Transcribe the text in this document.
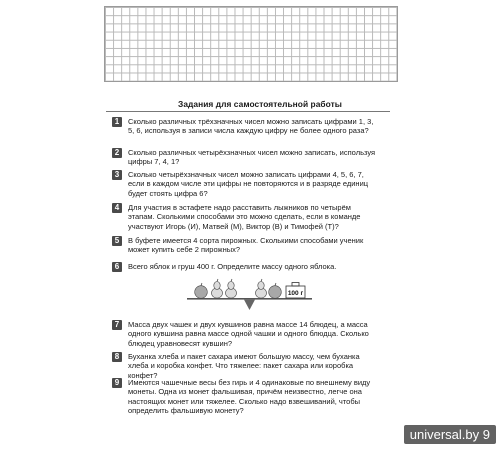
Задания для самостоятельной работы
1	Сколько различных трёхзначных чисел можно записать цифрами 1, 3, 5, 6, используя в записи числа каждую цифру не более одного раза?
2	Сколько различных четырёхзначных чисел можно записать, используя цифры 7, 4, 1?
3	Сколько четырёхзначных чисел можно записать цифрами 4, 5, 6, 7, если в каждом числе эти цифры не повторяются и в разряде единиц будет стоять цифра 6?
4	Для участия в эстафете надо расставить лыжников по четырём этапам. Сколькими способами это можно сделать, если в команде участвуют Игорь (И), Матвей (М), Виктор (В) и Тимофей (Т)?
5	В буфете имеется 4 сорта пирожных. Сколькими способами ученик может купить себе 2 пирожных?
6	Всего яблок и груш 400 г. Определите массу одного яблока.
100 г
7	Масса двух чашек и двух кувшинов равна массе 14 блюдец, а масса одного кувшина равна массе одной чашки и одного блюдца. Сколько блюдец уравновесят кувшин?
8	Буханка хлеба и пакет сахара имеют большую массу, чем буханка хлеба и коробка конфет. Что тяжелее: пакет сахара или коробка конфет?
9	Имеются чашечные весы без гирь и 4 одинаковые по внешнему виду монеты. Одна из монет фальшивая, причём неизвестно, легче она настоящих монет или тяжелее. Сколько надо взвешиваний, чтобы определить фальшивую монету?
universal.by 9
